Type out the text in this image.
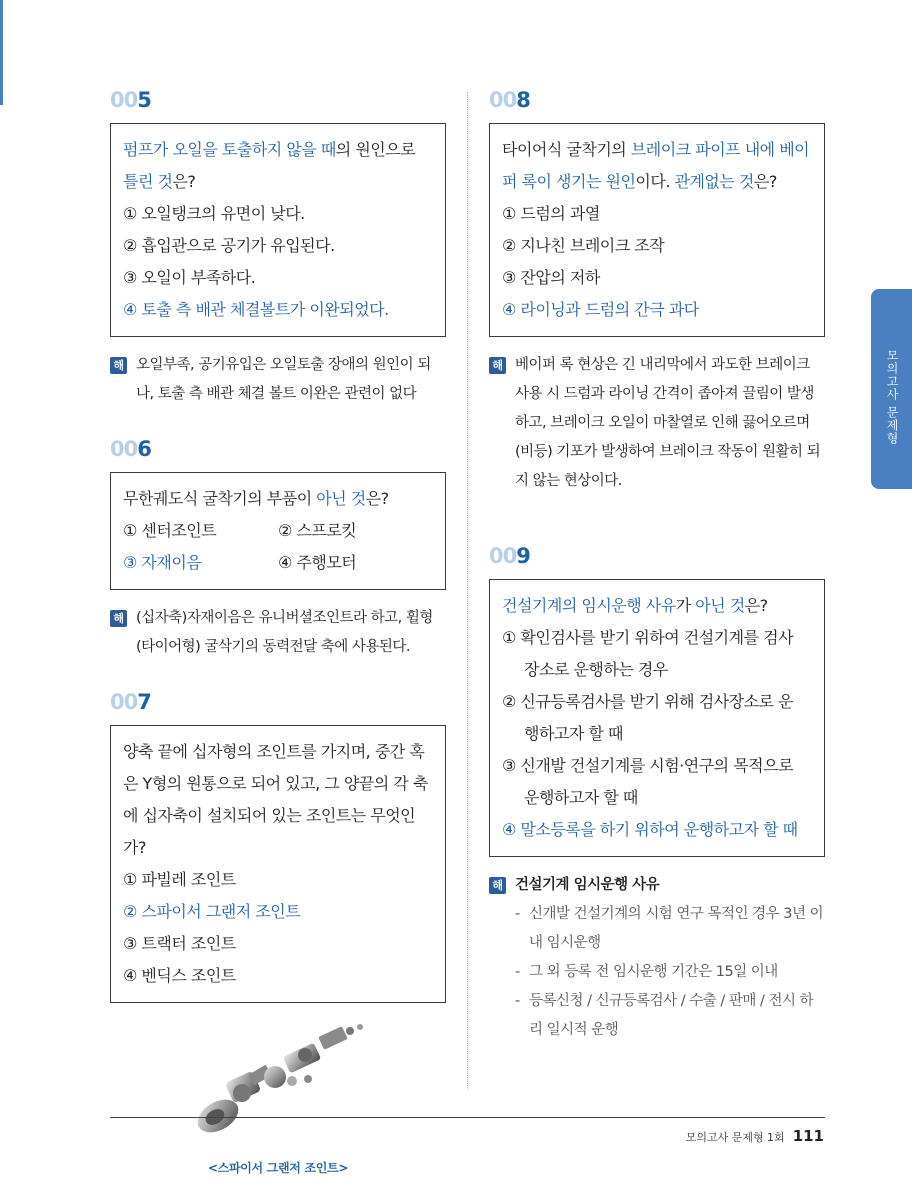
005
펌프가 오일을 토출하지 않을 때의 원인으로
틀린 것은?
① 오일탱크의 유면이 낮다.
② 흡입관으로 공기가 유입된다.
③ 오일이 부족하다.
④ 토출 측 배관 체결볼트가 이완되었다.
해 오일부족, 공기유입은 오일토출 장애의 원인이 되나, 토출 측 배관 체결 볼트 이완은 관련이 없다
006
무한궤도식 굴착기의 부품이 아닌 것은?
① 센터조인트	② 스프로킷
③ 자재이음	④ 주행모터
해 (십자축)자재이음은 유니버셜조인트라 하고, 휠형(타이어형) 굴삭기의 동력전달 축에 사용된다.
007
양축 끝에 십자형의 조인트를 가지며, 중간 혹은 Y형의 원통으로 되어 있고, 그 양끝의 각 축에 십자축이 설치되어 있는 조인트는 무엇인가?
① 파빌레 조인트
② 스파이서 그랜저 조인트
③ 트랙터 조인트
④ 벤딕스 조인트
<스파이서 그랜저 조인트>
008
타이어식 굴착기의 브레이크 파이프 내에 베이퍼 록이 생기는 원인이다. 관계없는 것은?
① 드럼의 과열
② 지나친 브레이크 조작
③ 잔압의 저하
④ 라이닝과 드럼의 간극 과다
해 베이퍼 록 현상은 긴 내리막에서 과도한 브레이크 사용 시 드럼과 라이닝 간격이 좁아져 끌림이 발생하고, 브레이크 오일이 마찰열로 인해 끓어오르며(비등) 기포가 발생하여 브레이크 작동이 원활히 되지 않는 현상이다.
009
건설기계의 임시운행 사유가 아닌 것은?
① 확인검사를 받기 위하여 건설기계를 검사
장소로 운행하는 경우
② 신규등록검사를 받기 위해 검사장소로 운
행하고자 할 때
③ 신개발 건설기계를 시험·연구의 목적으로
운행하고자 할 때
④ 말소등록을 하기 위하여 운행하고자 할 때
해 건설기계 임시운행 사유
- 신개발 건설기계의 시험 연구 목적인 경우 3년 이내 임시운행
- 그 외 등록 전 임시운행 기간은 15일 이내
- 등록신청 / 신규등록검사 / 수출 / 판매 / 전시 하리 일시적 운행
모의고사 문제형
모의고사 문제형 1회 111
